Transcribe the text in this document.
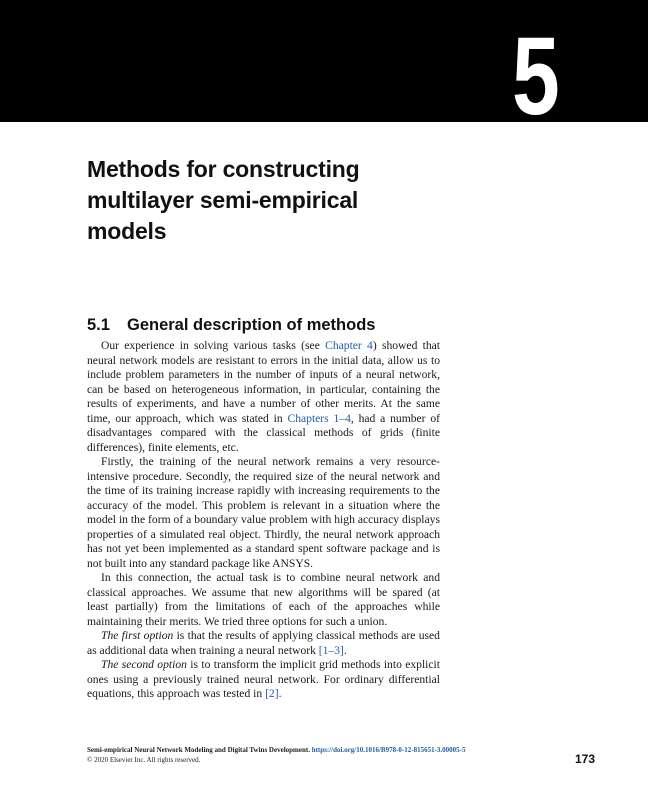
5
Methods for constructing multilayer semi-empirical models
5.1 General description of methods

Our experience in solving various tasks (see Chapter 4) showed that neural network models are resistant to errors in the initial data, allow us to include problem parameters in the number of inputs of a neural network, can be based on heterogeneous information, in particular, containing the results of experiments, and have a number of other merits. At the same time, our approach, which was stated in Chapters 1–4, had a number of disadvantages compared with the classical methods of grids (finite differences), finite elements, etc.

Firstly, the training of the neural network remains a very resource-intensive procedure. Secondly, the required size of the neural network and the time of its training increase rapidly with increasing requirements to the accuracy of the model. This problem is relevant in a situation where the model in the form of a boundary value problem with high accuracy displays properties of a simulated real object. Thirdly, the neural network approach has not yet been implemented as a standard spent software package and is not built into any standard package like ANSYS.

In this connection, the actual task is to combine neural network and classical approaches. We assume that new algorithms will be spared (at least partially) from the limitations of each of the approaches while maintaining their merits. We tried three options for such a union.

The first option is that the results of applying classical methods are used as additional data when training a neural network [1–3].

The second option is to transform the implicit grid methods into explicit ones using a previously trained neural network. For ordinary differential equations, this approach was tested in [2].

Semi-empirical Neural Network Modeling and Digital Twins Development. https://doi.org/10.1016/B978-0-12-815651-3.00005-5
© 2020 Elsevier Inc. All rights reserved.	173
